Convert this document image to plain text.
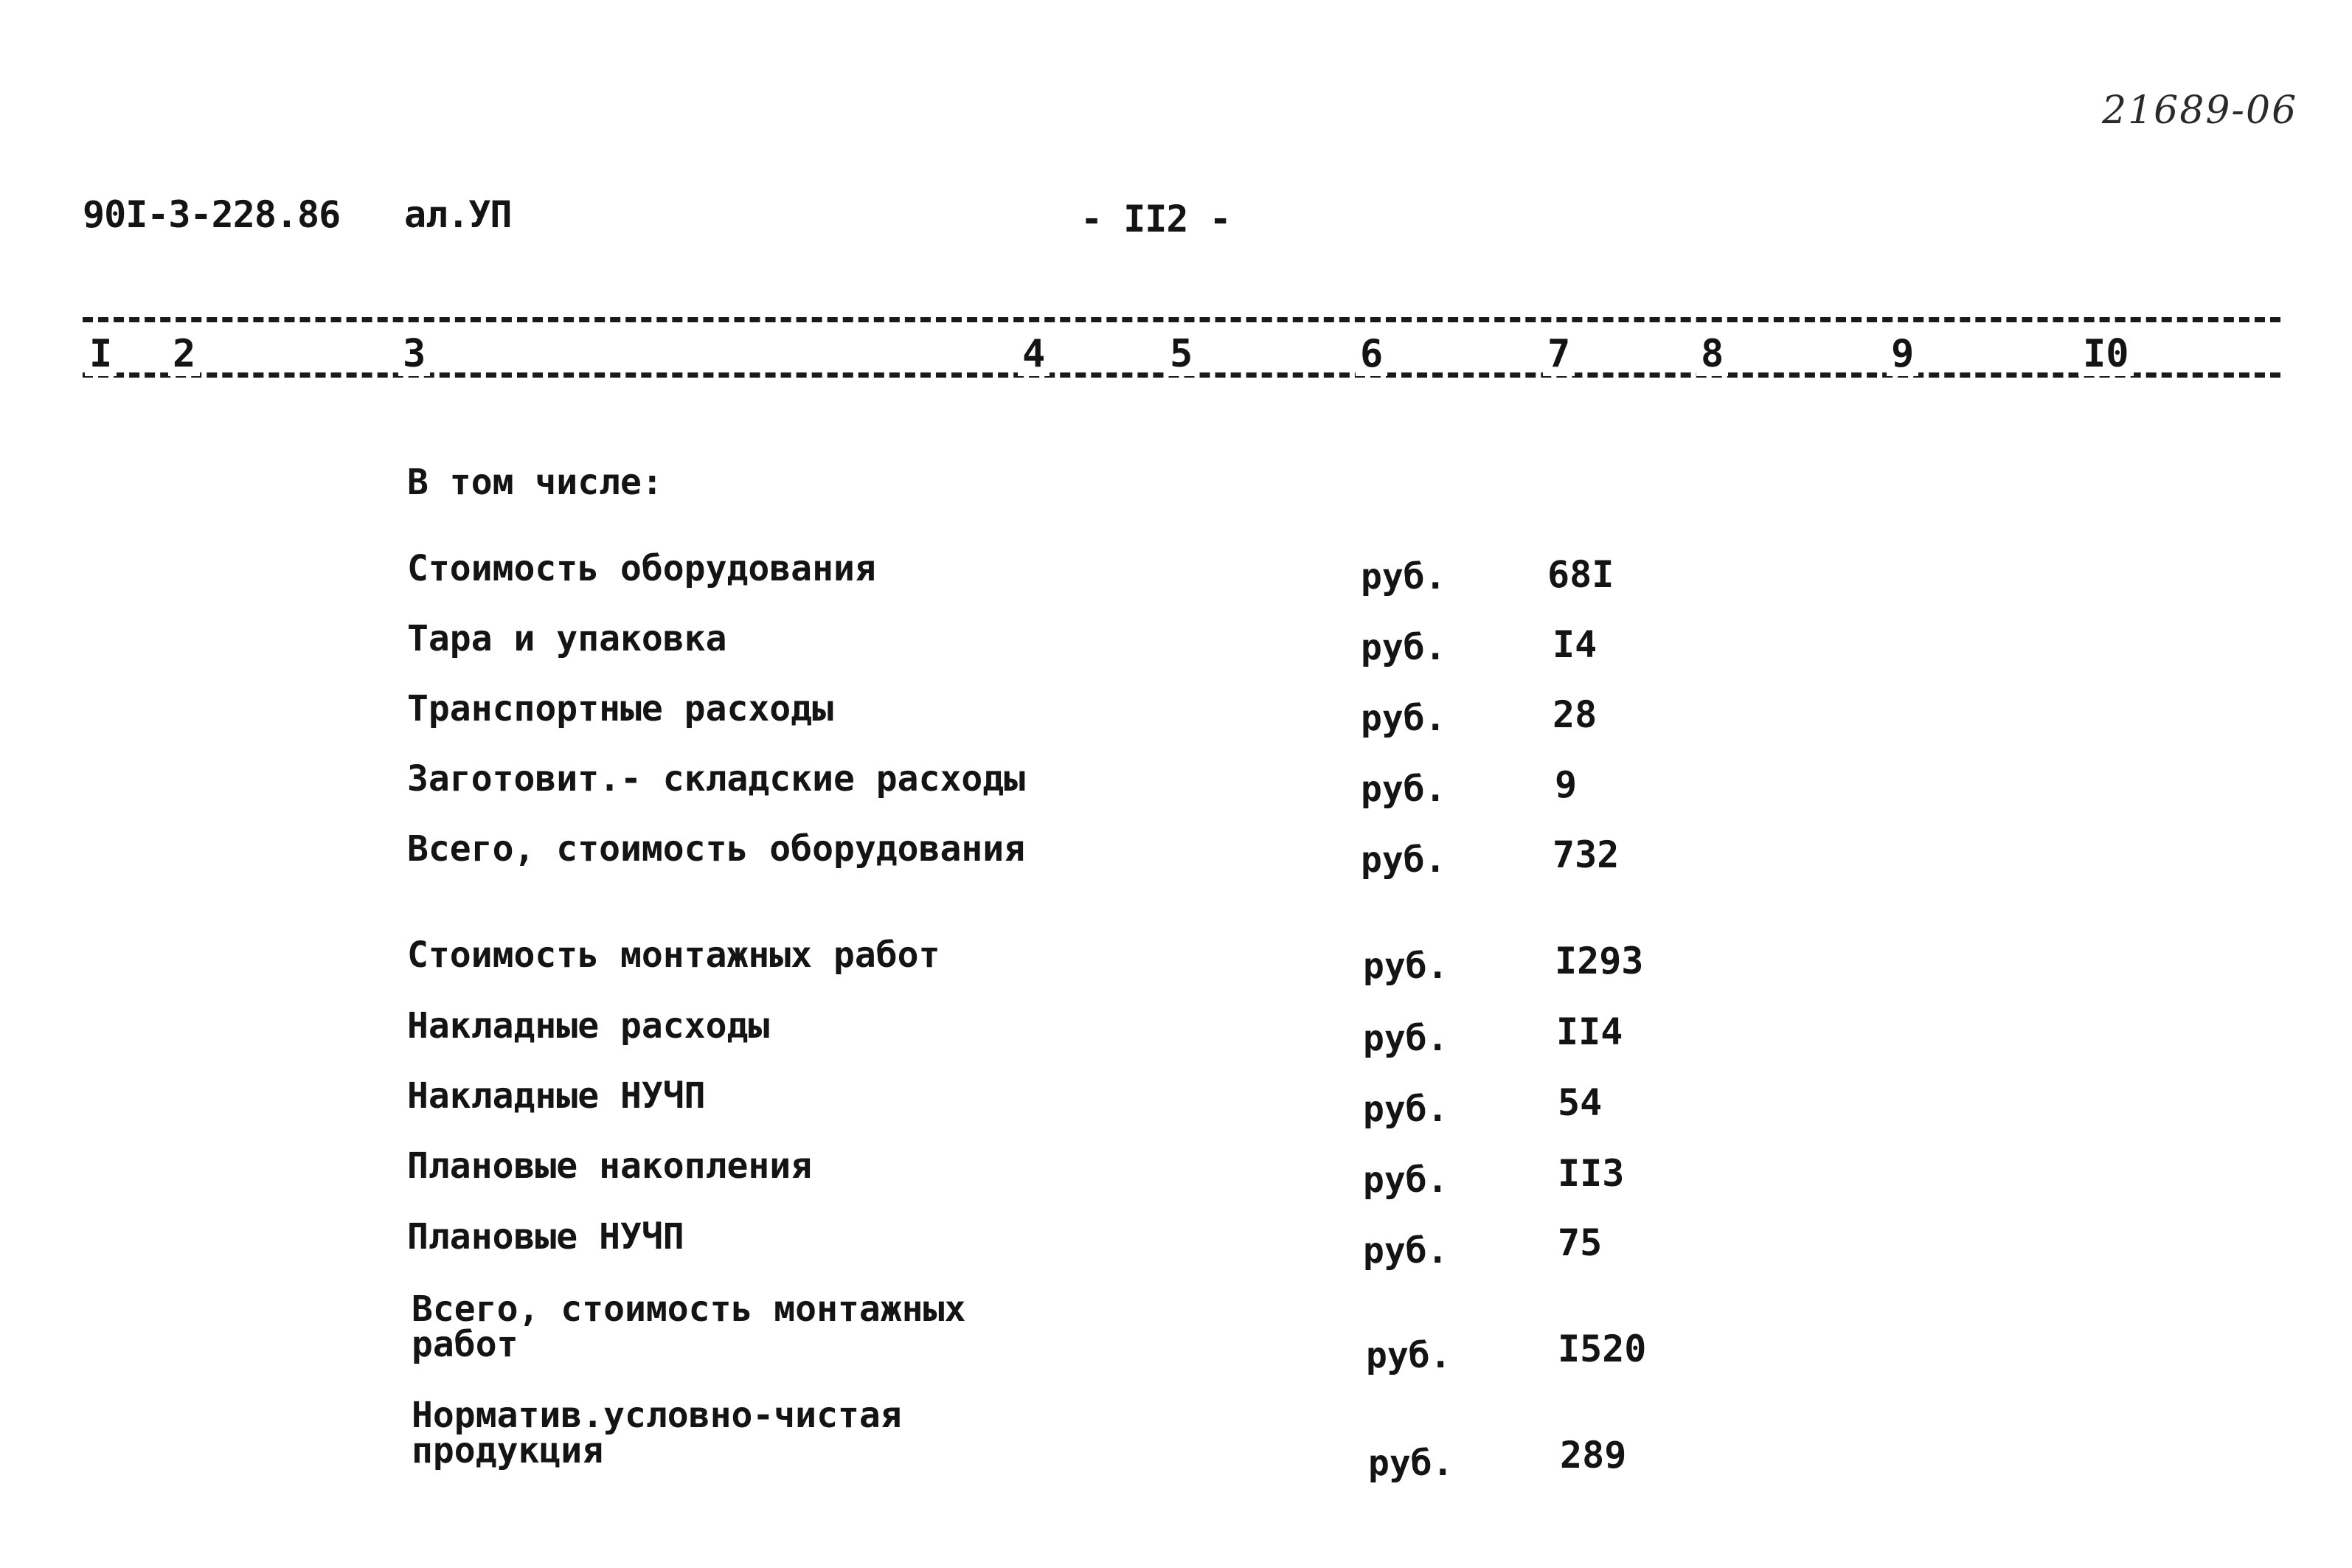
21689-06
90I-3-228.86 ал.УП	- II2 -
I 2	3	4	5	6	7	8	9	I0
В том числе:
Стоимость оборудования	руб.	68I
Тара и упаковка	руб.	I4
Транспортные расходы	руб.	28
Заготовит.- складские расходы	руб.	9
Всего, стоимость оборудования	руб.	732
Стоимость монтажных работ	руб.	I293
Накладные расходы	руб.	II4
Накладные НУЧП	руб.	54
Плановые накопления	руб.	II3
Плановые НУЧП	руб.	75
Всего, стоимость монтажных
работ	руб.	I520
Норматив.условно-чистая
продукция	руб.	289
